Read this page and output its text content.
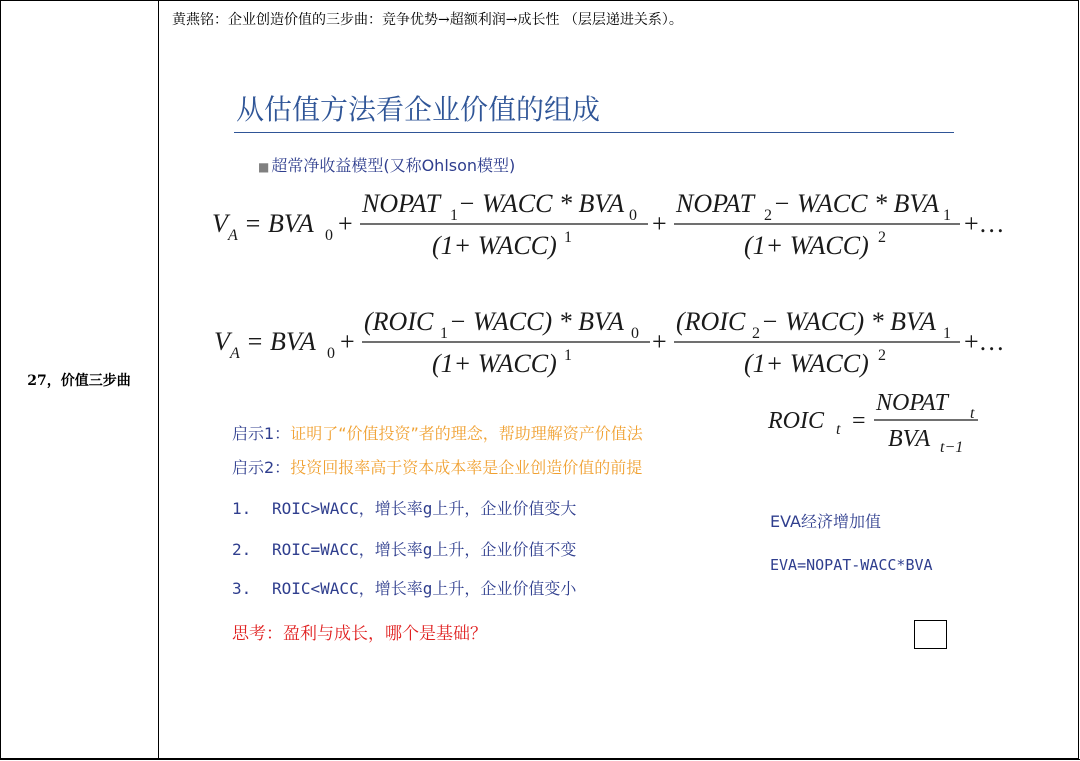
27，价值三步曲
黄燕铭：企业创造价值的三步曲：竞争优势→超额利润→成长性 （层层递进关系）。
从估值方法看企业价值的组成
■ 超常净收益模型(又称Ohlson模型)
V A = BVA 0 +
NOPAT 1 − WACC * BVA 0
(1+ WACC) 1	+
NOPAT 2 − WACC * BVA 1
(1+ WACC) 2	+…
V A = BVA 0 +
(ROIC 1 − WACC) * BVA 0
(1+ WACC) 1	+
(ROIC 2 − WACC) * BVA 1
(1+ WACC) 2	+…
ROIC t =
NOPAT t
BVA t−1
启示1：证明了“价值投资”者的理念，帮助理解资产价值法
启示2：投资回报率高于资本成本率是企业创造价值的前提
1. ROIC>WACC，增长率g上升，企业价值变大
2. ROIC=WACC，增长率g上升，企业价值不变
3. ROIC<WACC，增长率g上升，企业价值变小
思考：盈利与成长，哪个是基础？
EVA经济增加值
EVA=NOPAT-WACC*BVA
